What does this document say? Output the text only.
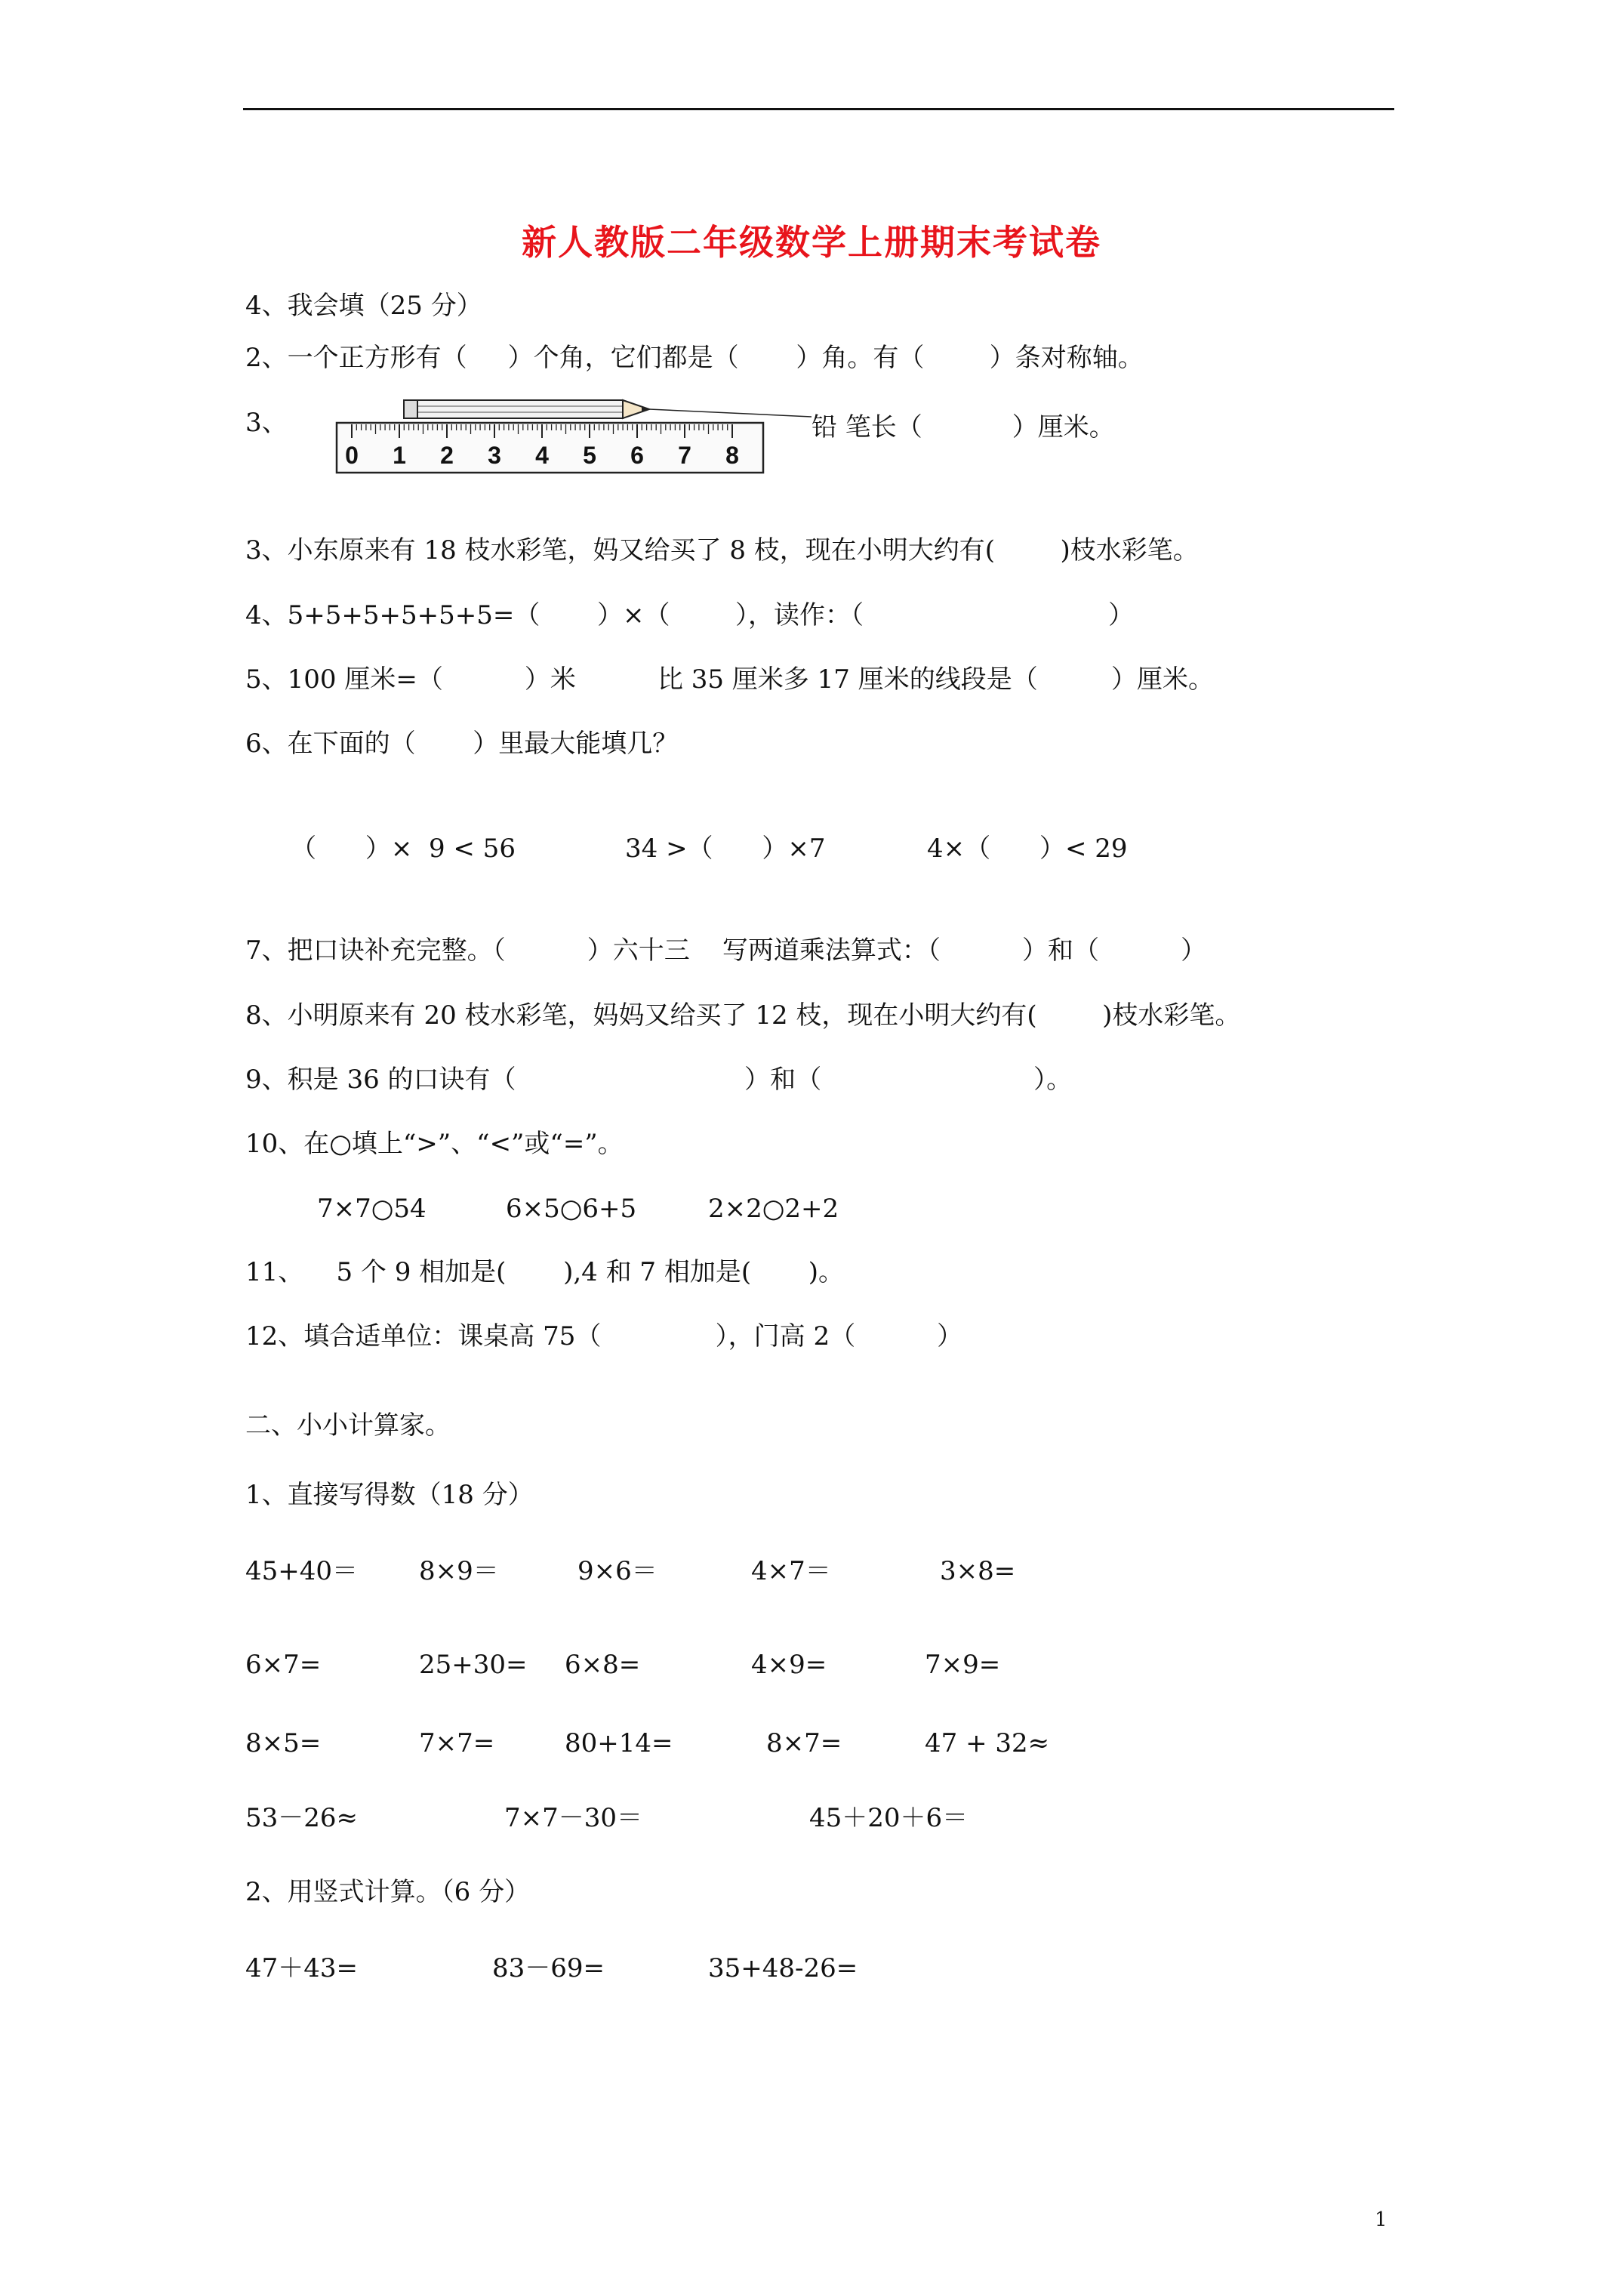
新人教版二年级数学上册期末考试卷
4、我会填（25 分）
2、一个正方形有（     ）个角，它们都是（       ）角。有（        ）条对称轴。
3、
0 1 2 3 4 5 6 7 8
铅 笔长（           ）厘米。
3、小东原来有 18 枝水彩笔，妈又给买了 8 枝，现在小明大约有(        )枝水彩笔。
4、5+5+5+5+5+5=（       ）×（        ），读作：（                              ）
5、100 厘米=（          ）米          比 35 厘米多 17 厘米的线段是（         ）厘米。
6、在下面的（       ）里最大能填几？
（      ）×  9 < 56	34 >（      ）×7	4×（      ）< 29
7、把口诀补充完整。（          ）六十三    写两道乘法算式：（          ）和（          ）
8、小明原来有 20 枝水彩笔，妈妈又给买了 12 枝，现在小明大约有(        )枝水彩笔。
9、积是 36 的口诀有（                            ）和（                          ）。
10、在○填上“>”、“<”或“=”。
7×7○54	6×5○6+5	2×2○2+2
11、    5 个 9 相加是(       ),4 和 7 相加是(       )。
12、填合适单位：课桌高 75（              ），门高 2（          ）
二、小小计算家。
1、直接写得数（18 分）
45+40＝ 8×9＝	9×6＝	4×7＝	3×8=
6×7=	25+30= 6×8=	4×9=	7×9=
8×5=	7×7=	80+14=	8×7=	47 + 32≈
53－26≈	7×7－30＝	45＋20＋6＝
2、用竖式计算。（6 分）
47＋43=	83－69=	35+48-26=
1
